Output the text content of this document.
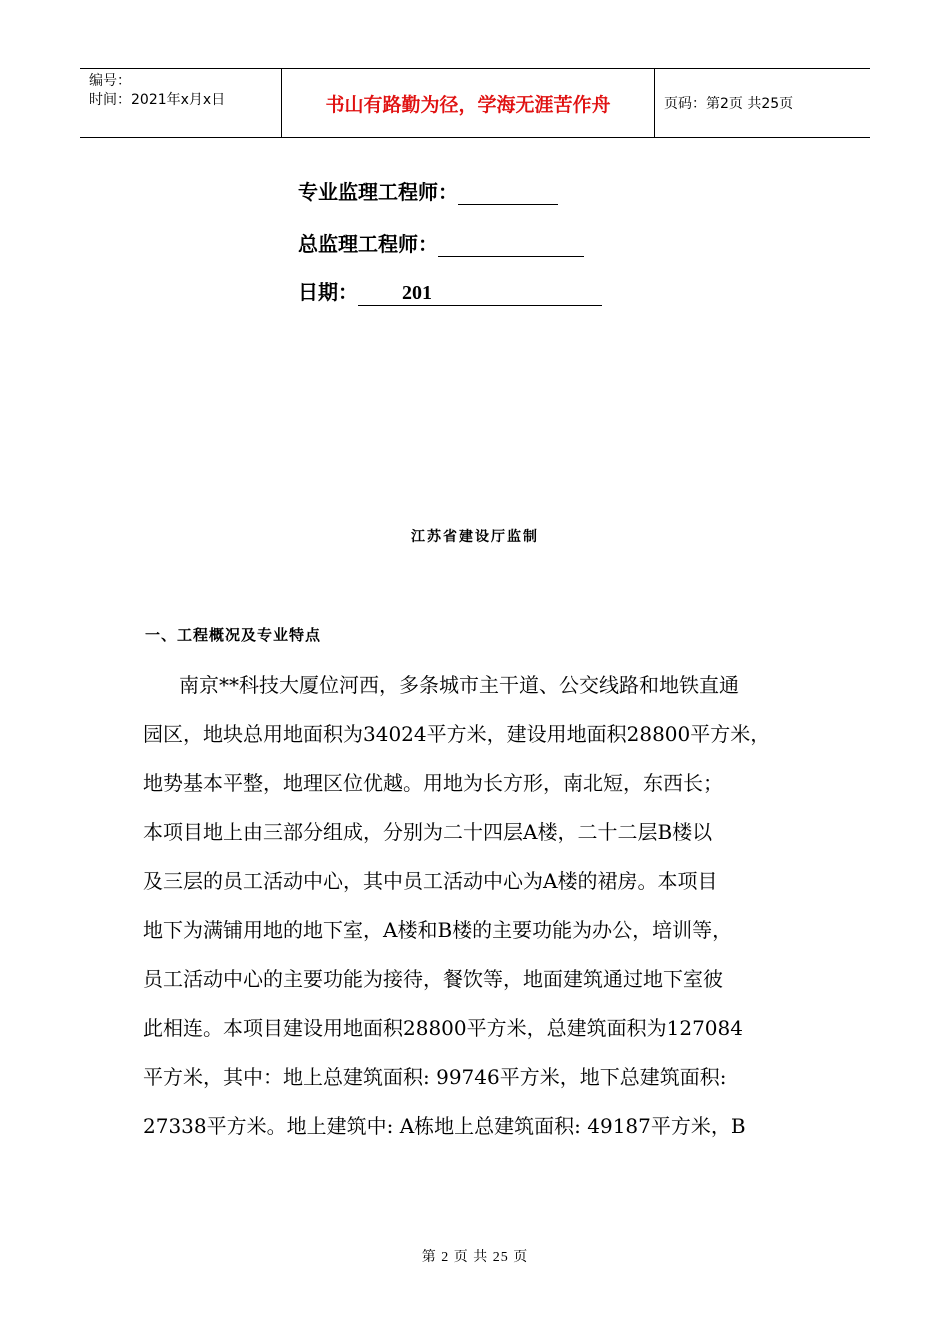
编号：
时间：2021年x月x日	书山有路勤为径，学海无涯苦作舟	页码：第2页 共25页
专业监理工程师：
总监理工程师：
日期： 201
江苏省建设厅监制
一、工程概况及专业特点
南京**科技大厦位河西，多条城市主干道、公交线路和地铁直通
园区，地块总用地面积为34024平方米，建设用地面积28800平方米，
地势基本平整，地理区位优越。用地为长方形，南北短，东西长；
本项目地上由三部分组成，分别为二十四层A楼，二十二层B楼以
及三层的员工活动中心，其中员工活动中心为A楼的裙房。本项目
地下为满铺用地的地下室，A楼和B楼的主要功能为办公，培训等，
员工活动中心的主要功能为接待，餐饮等，地面建筑通过地下室彼
此相连。本项目建设用地面积28800平方米，总建筑面积为127084
平方米，其中：地上总建筑面积: 99746平方米，地下总建筑面积:
27338平方米。地上建筑中: A栋地上总建筑面积: 49187平方米，B
第 2 页 共 25 页
